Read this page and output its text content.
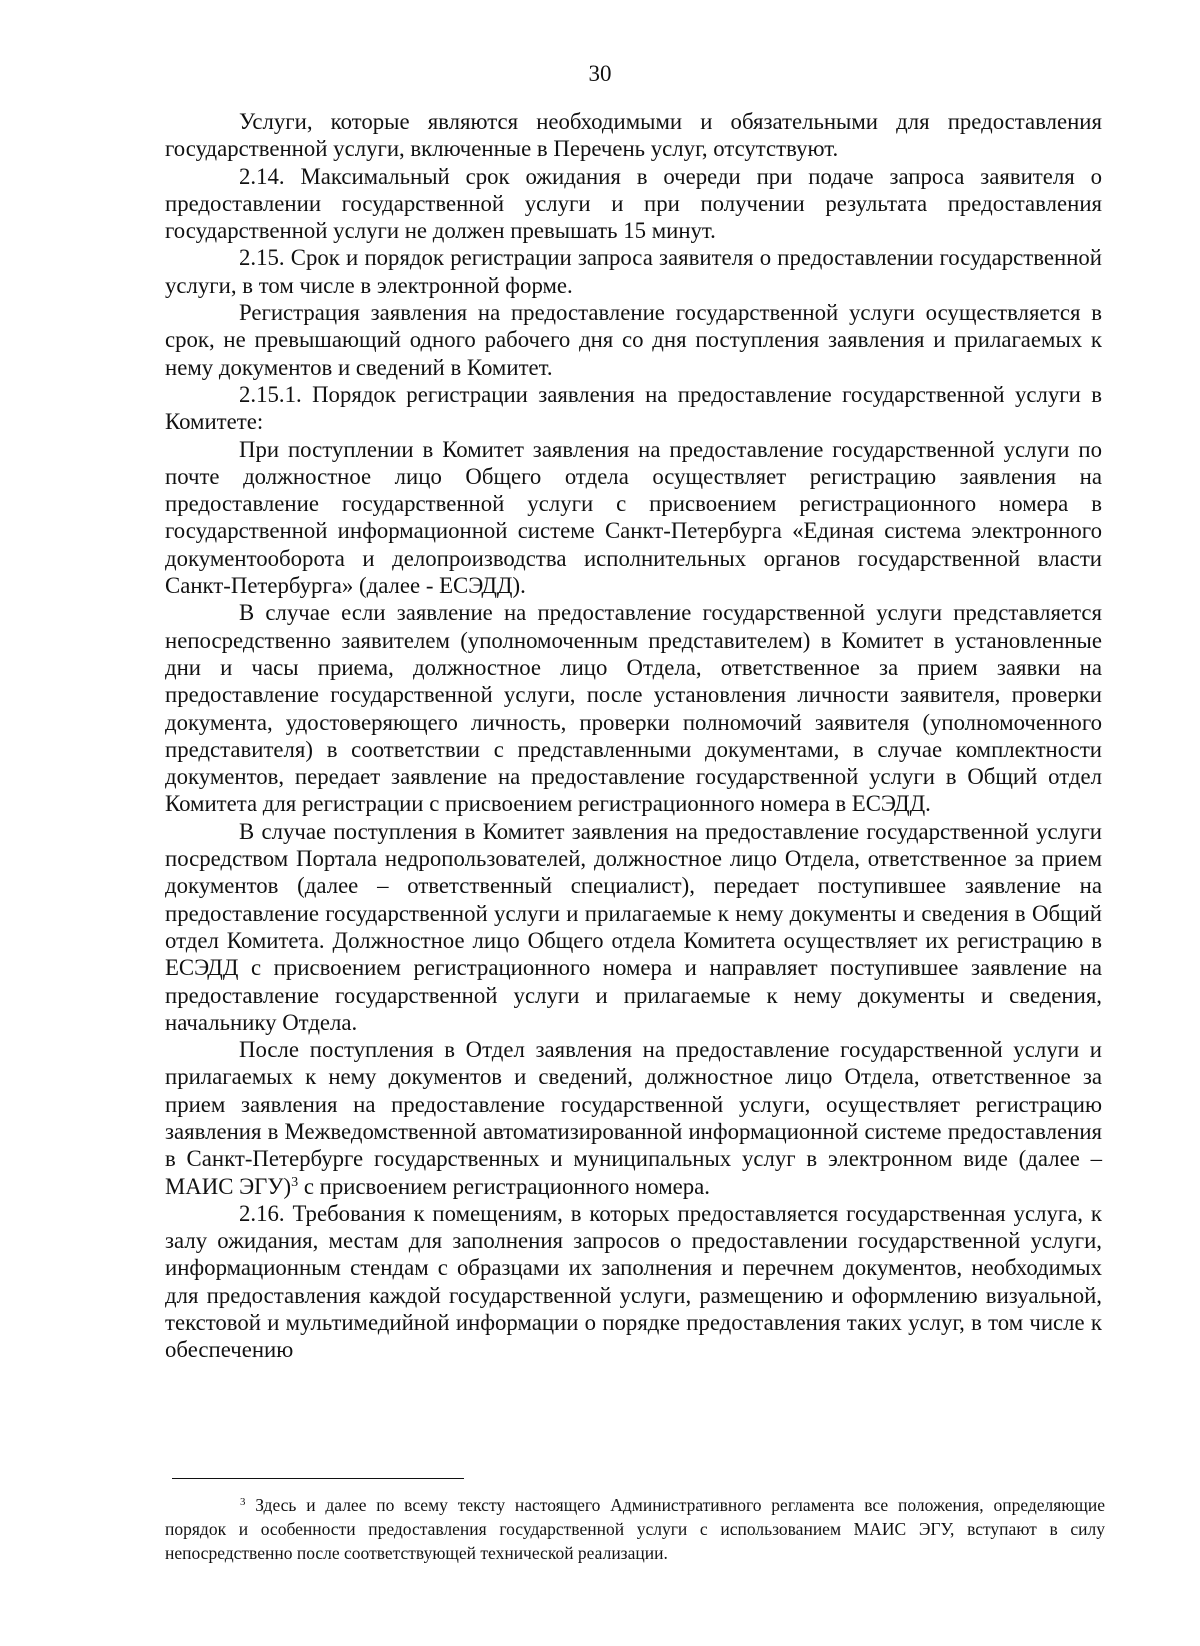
30

Услуги, которые являются необходимыми и обязательными для предоставления государственной услуги, включенные в Перечень услуг, отсутствуют.

2.14. Максимальный срок ожидания в очереди при подаче запроса заявителя о предоставлении государственной услуги и при получении результата предоставления государственной услуги не должен превышать 15 минут.

2.15. Срок и порядок регистрации запроса заявителя о предоставлении государственной услуги, в том числе в электронной форме.

Регистрация заявления на предоставление государственной услуги осуществляется в срок, не превышающий одного рабочего дня со дня поступления заявления и прилагаемых к нему документов и сведений в Комитет.

2.15.1. Порядок регистрации заявления на предоставление государственной услуги в Комитете:

При поступлении в Комитет заявления на предоставление государственной услуги по почте должностное лицо Общего отдела осуществляет регистрацию заявления на предоставление государственной услуги с присвоением регистрационного номера в государственной информационной системе Санкт-Петербурга «Единая система электронного документооборота и делопроизводства исполнительных органов государственной власти Санкт-Петербурга» (далее - ЕСЭДД).

В случае если заявление на предоставление государственной услуги представляется непосредственно заявителем (уполномоченным представителем) в Комитет в установленные дни и часы приема, должностное лицо Отдела, ответственное за прием заявки на предоставление государственной услуги, после установления личности заявителя, проверки документа, удостоверяющего личность, проверки полномочий заявителя (уполномоченного представителя) в соответствии с представленными документами, в случае комплектности документов, передает заявление на предоставление государственной услуги в Общий отдел Комитета для регистрации с присвоением регистрационного номера в ЕСЭДД.

В случае поступления в Комитет заявления на предоставление государственной услуги посредством Портала недропользователей, должностное лицо Отдела, ответственное за прием документов (далее – ответственный специалист), передает поступившее заявление на предоставление государственной услуги и прилагаемые к нему документы и сведения в Общий отдел Комитета. Должностное лицо Общего отдела Комитета осуществляет их регистрацию в ЕСЭДД с присвоением регистрационного номера и направляет поступившее заявление на предоставление государственной услуги и прилагаемые к нему документы и сведения, начальнику Отдела.

После поступления в Отдел заявления на предоставление государственной услуги и прилагаемых к нему документов и сведений, должностное лицо Отдела, ответственное за прием заявления на предоставление государственной услуги, осуществляет регистрацию заявления в Межведомственной автоматизированной информационной системе предоставления в Санкт-Петербурге государственных и муниципальных услуг в электронном виде (далее – МАИС ЭГУ)$^3$ с присвоением регистрационного номера.

2.16. Требования к помещениям, в которых предоставляется государственная услуга, к залу ожидания, местам для заполнения запросов о предоставлении государственной услуги, информационным стендам с образцами их заполнения и перечнем документов, необходимых для предоставления каждой государственной услуги, размещению и оформлению визуальной, текстовой и мультимедийной информации о порядке предоставления таких услуг, в том числе к обеспечению

$^3$ Здесь и далее по всему тексту настоящего Административного регламента все положения, определяющие порядок и особенности предоставления государственной услуги с использованием МАИС ЭГУ, вступают в силу непосредственно после соответствующей технической реализации.
